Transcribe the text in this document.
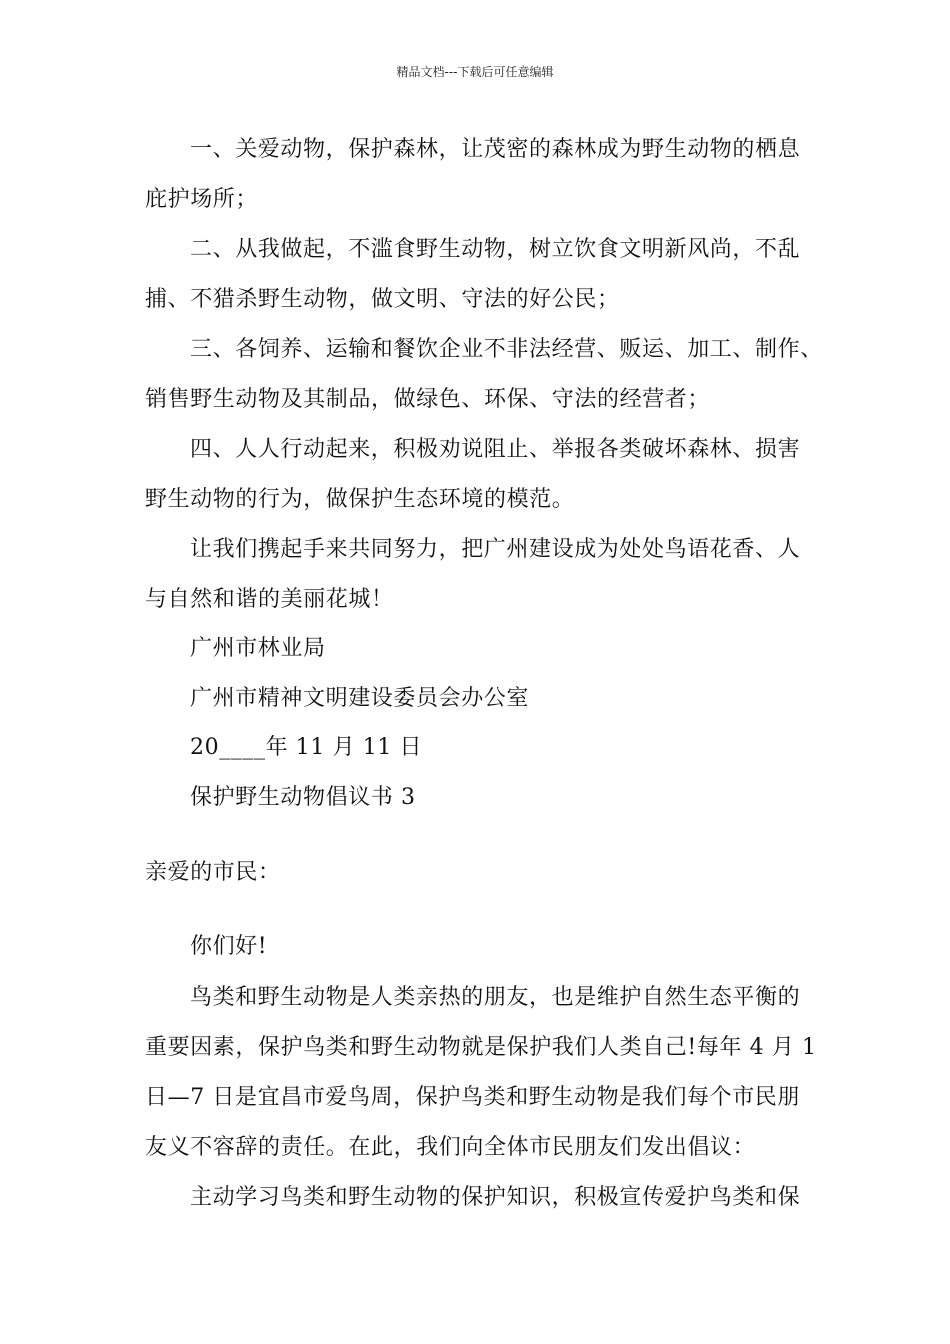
精品文档---下载后可任意编辑
一、关爱动物，保护森林，让茂密的森林成为野生动物的栖息
庇护场所；
二、从我做起，不滥食野生动物，树立饮食文明新风尚，不乱
捕、不猎杀野生动物，做文明、守法的好公民；
三、各饲养、运输和餐饮企业不非法经营、贩运、加工、制作、
销售野生动物及其制品，做绿色、环保、守法的经营者；
四、人人行动起来，积极劝说阻止、举报各类破坏森林、损害
野生动物的行为，做保护生态环境的模范。
让我们携起手来共同努力，把广州建设成为处处鸟语花香、人
与自然和谐的美丽花城！
广州市林业局
广州市精神文明建设委员会办公室
20____年 11 月 11 日
保护野生动物倡议书 3
亲爱的市民：
你们好!
鸟类和野生动物是人类亲热的朋友，也是维护自然生态平衡的
重要因素，保护鸟类和野生动物就是保护我们人类自己!每年 4 月 1
日—7 日是宜昌市爱鸟周，保护鸟类和野生动物是我们每个市民朋
友义不容辞的责任。在此，我们向全体市民朋友们发出倡议：
主动学习鸟类和野生动物的保护知识，积极宣传爱护鸟类和保
